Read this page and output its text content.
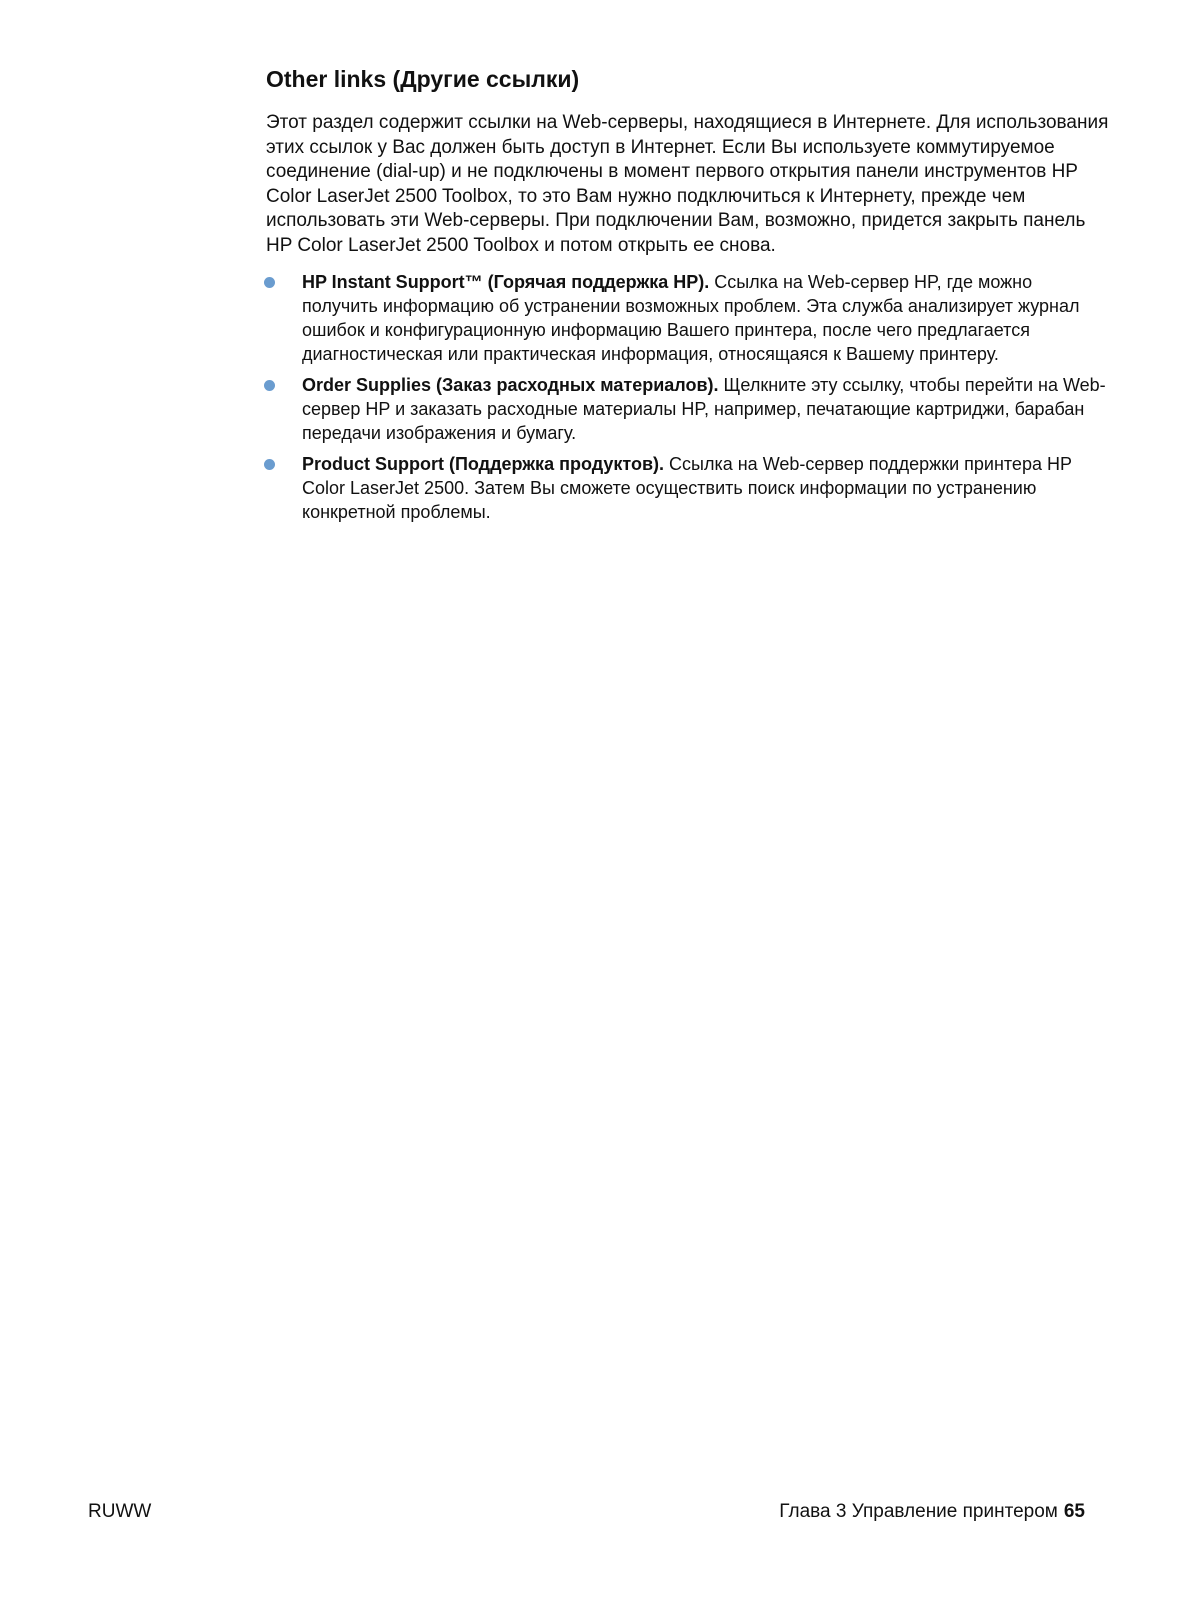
Other links (Другие ссылки)

Этот раздел содержит ссылки на Web-серверы, находящиеся в Интернете. Для использования этих ссылок у Вас должен быть доступ в Интернет. Если Вы используете коммутируемое соединение (dial-up) и не подключены в момент первого открытия панели инструментов HP Color LaserJet 2500 Toolbox, то это Вам нужно подключиться к Интернету, прежде чем использовать эти Web-серверы. При подключении Вам, возможно, придется закрыть панель HP Color LaserJet 2500 Toolbox и потом открыть ее снова.

HP Instant Support™ (Горячая поддержка HP). Ссылка на Web-сервер HP, где можно получить информацию об устранении возможных проблем. Эта служба анализирует журнал ошибок и конфигурационную информацию Вашего принтера, после чего предлагается диагностическая или практическая информация, относящаяся к Вашему принтеру.
Order Supplies (Заказ расходных материалов). Щелкните эту ссылку, чтобы перейти на Web-сервер HP и заказать расходные материалы HP, например, печатающие картриджи, барабан передачи изображения и бумагу.
Product Support (Поддержка продуктов). Ссылка на Web-сервер поддержки принтера HP Color LaserJet 2500. Затем Вы сможете осуществить поиск информации по устранению конкретной проблемы.
RUWW	Глава 3 Управление принтером 65
